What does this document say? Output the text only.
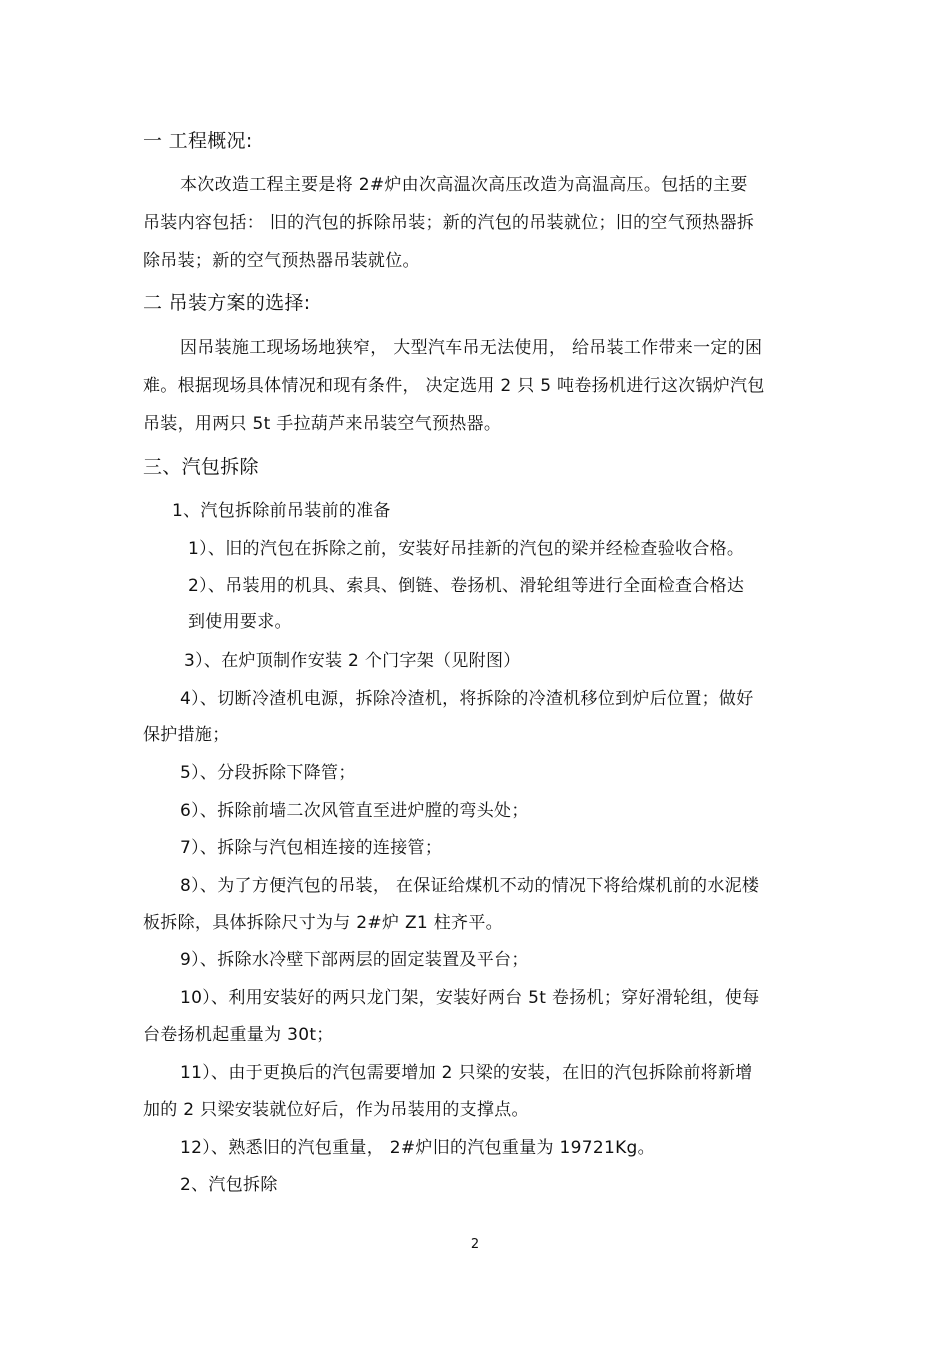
一 工程概况:
本次改造工程主要是将 2#炉由次高温次高压改造为高温高压。包括的主要
吊装内容包括： 旧的汽包的拆除吊装；新的汽包的吊装就位；旧的空气预热器拆
除吊装；新的空气预热器吊装就位。
二 吊装方案的选择:
因吊装施工现场场地狭窄， 大型汽车吊无法使用， 给吊装工作带来一定的困
难。根据现场具体情况和现有条件， 决定选用 2 只 5 吨卷扬机进行这次锅炉汽包
吊装，用两只 5t 手拉葫芦来吊装空气预热器。
三、汽包拆除
1、汽包拆除前吊装前的准备
1）、旧的汽包在拆除之前，安装好吊挂新的汽包的梁并经检查验收合格。
2）、吊装用的机具、索具、倒链、卷扬机、滑轮组等进行全面检查合格达
到使用要求。
3）、在炉顶制作安装 2 个门字架（见附图）
4）、切断冷渣机电源，拆除冷渣机，将拆除的冷渣机移位到炉后位置；做好
保护措施；
5）、分段拆除下降管；
6）、拆除前墙二次风管直至进炉膛的弯头处；
7）、拆除与汽包相连接的连接管；
8）、为了方便汽包的吊装， 在保证给煤机不动的情况下将给煤机前的水泥楼
板拆除，具体拆除尺寸为与 2#炉 Z1 柱齐平。
9）、拆除水冷壁下部两层的固定装置及平台；
10）、利用安装好的两只龙门架，安装好两台 5t 卷扬机；穿好滑轮组，使每
台卷扬机起重量为 30t；
11）、由于更换后的汽包需要增加 2 只梁的安装，在旧的汽包拆除前将新增
加的 2 只梁安装就位好后，作为吊装用的支撑点。
12）、熟悉旧的汽包重量， 2#炉旧的汽包重量为 19721Kg。
2、汽包拆除
2
